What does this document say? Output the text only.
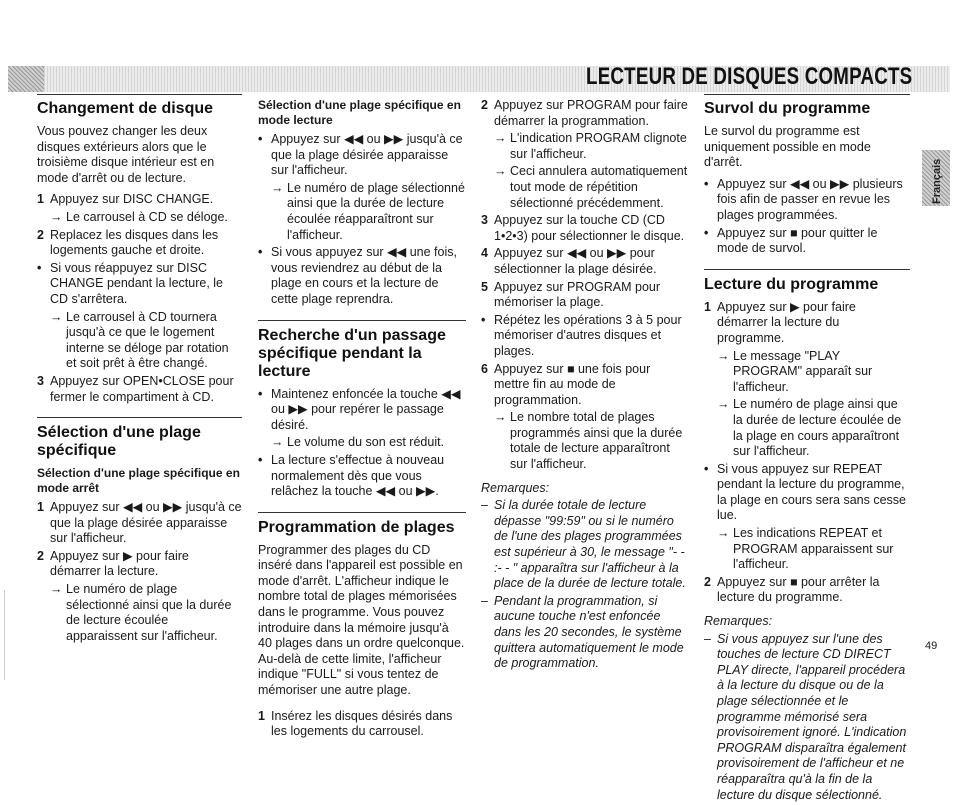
LECTEUR DE DISQUES COMPACTS
Changement de disque

Vous pouvez changer les deux disques extérieurs alors que le troisième disque intérieur est en mode d'arrêt ou de lecture.

1 Appuyez sur DISC CHANGE.
→ Le carrousel à CD se déloge.
2 Replacez les disques dans les logements gauche et droite.
• Si vous réappuyez sur DISC CHANGE pendant la lecture, le CD s'arrêtera.
→ Le carrousel à CD tournera jusqu'à ce que le logement interne se déloge par rotation et soit prêt à être changé.
3 Appuyez sur OPEN•CLOSE pour fermer le compartiment à CD.
Sélection d'une plage spécifique
Sélection d'une plage spécifique en mode arrêt
1 Appuyez sur ◀◀ ou ▶▶ jusqu'à ce que la plage désirée apparaisse sur l'afficheur.
2 Appuyez sur ▶ pour faire démarrer la lecture.
→ Le numéro de plage sélectionné ainsi que la durée de lecture écoulée apparaissent sur l'afficheur.
Sélection d'une plage spécifique en mode lecture
• Appuyez sur ◀◀ ou ▶▶ jusqu'à ce que la plage désirée apparaisse sur l'afficheur.
→ Le numéro de plage sélectionné ainsi que la durée de lecture écoulée réapparaîtront sur l'afficheur.
• Si vous appuyez sur ◀◀ une fois, vous reviendrez au début de la plage en cours et la lecture de cette plage reprendra.
Recherche d'un passage spécifique pendant la lecture
• Maintenez enfoncée la touche ◀◀ ou ▶▶ pour repérer le passage désiré.
→ Le volume du son est réduit.
• La lecture s'effectue à nouveau normalement dès que vous relâchez la touche ◀◀ ou ▶▶.
Programmation de plages

Programmer des plages du CD inséré dans l'appareil est possible en mode d'arrêt. L'afficheur indique le nombre total de plages mémorisées dans le programme. Vous pouvez introduire dans la mémoire jusqu'à 40 plages dans un ordre quelconque. Au-delà de cette limite, l'afficheur indique "FULL" si vous tentez de mémoriser une autre plage.

1 Insérez les disques désirés dans les logements du carrousel.
2 Appuyez sur PROGRAM pour faire démarrer la programmation.
→ L'indication PROGRAM clignote sur l'afficheur.
→ Ceci annulera automatiquement tout mode de répétition sélectionné précédemment.
3 Appuyez sur la touche CD (CD 1•2•3) pour sélectionner le disque.
4 Appuyez sur ◀◀ ou ▶▶ pour sélectionner la plage désirée.
5 Appuyez sur PROGRAM pour mémoriser la plage.
• Répétez les opérations 3 à 5 pour mémoriser d'autres disques et plages.
6 Appuyez sur ■ une fois pour mettre fin au mode de programmation.
→ Le nombre total de plages programmés ainsi que la durée totale de lecture apparaîtront sur l'afficheur.
Remarques:
– Si la durée totale de lecture dépasse "99:59" ou si le numéro de l'une des plages programmées est supérieur à 30, le message "- - :- - " apparaîtra sur l'afficheur à la place de la durée de lecture totale.
– Pendant la programmation, si aucune touche n'est enfoncée dans les 20 secondes, le système quittera automatiquement le mode de programmation.
Survol du programme

Le survol du programme est uniquement possible en mode d'arrêt.

• Appuyez sur ◀◀ ou ▶▶ plusieurs fois afin de passer en revue les plages programmées.
• Appuyez sur ■ pour quitter le mode de survol.
Lecture du programme
1 Appuyez sur ▶ pour faire démarrer la lecture du programme.
→ Le message "PLAY PROGRAM" apparaît sur l'afficheur.
→ Le numéro de plage ainsi que la durée de lecture écoulée de la plage en cours apparaîtront sur l'afficheur.
• Si vous appuyez sur REPEAT pendant la lecture du programme, la plage en cours sera sans cesse lue.
→ Les indications REPEAT et PROGRAM apparaissent sur l'afficheur.
2 Appuyez sur ■ pour arrêter la lecture du programme.
Remarques:
– Si vous appuyez sur l'une des touches de lecture CD DIRECT PLAY directe, l'appareil procédera à la lecture du disque ou de la plage sélectionnée et le programme mémorisé sera provisoirement ignoré. L'indication PROGRAM disparaîtra également provisoirement de l'afficheur et ne réapparaîtra qu'à la fin de la lecture du disque sélectionné.
Français
49
